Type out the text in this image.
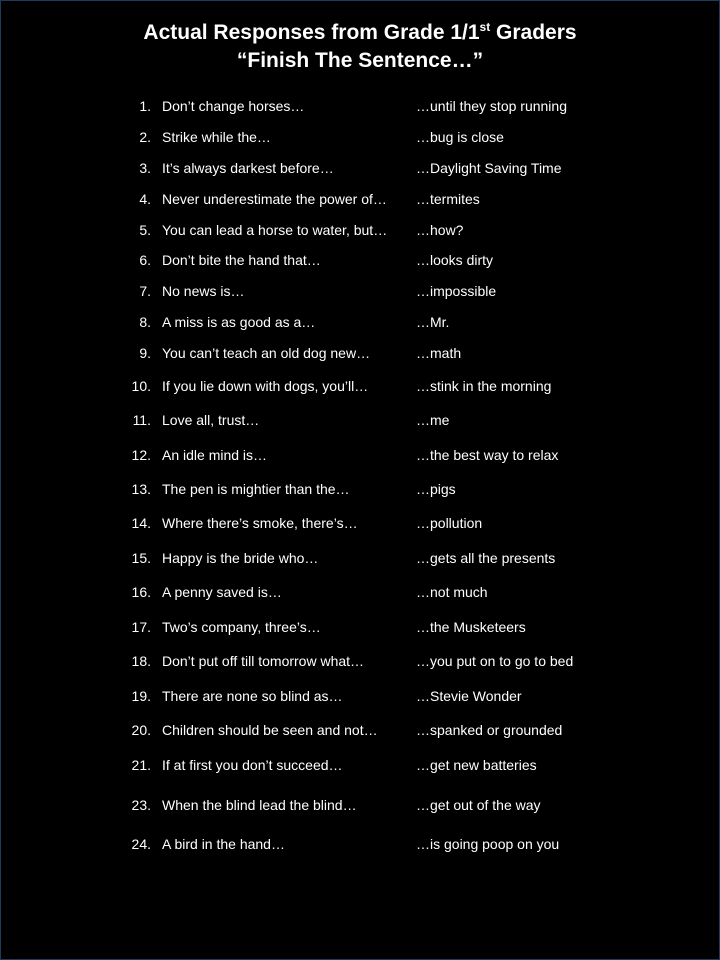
Actual Responses from Grade 1/1st Graders
“Finish The Sentence…”
1. Don’t change horses…	…until they stop running
2. Strike while the…	…bug is close
3. It’s always darkest before…	…Daylight Saving Time
4. Never underestimate the power of…	…termites
5. You can lead a horse to water, but…	…how?
6. Don’t bite the hand that…	…looks dirty
7. No news is…	…impossible
8. A miss is as good as a…	…Mr.
9. You can’t teach an old dog new…	…math
10. If you lie down with dogs, you’ll…	…stink in the morning
11. Love all, trust…	…me
12. An idle mind is…	…the best way to relax
13. The pen is mightier than the…	…pigs
14. Where there’s smoke, there’s…	…pollution
15. Happy is the bride who…	…gets all the presents
16. A penny saved is…	…not much
17. Two’s company, three’s…	…the Musketeers
18. Don’t put off till tomorrow what…	…you put on to go to bed
19. There are none so blind as…	…Stevie Wonder
20. Children should be seen and not…	…spanked or grounded
21. If at first you don’t succeed…	…get new batteries
23. When the blind lead the blind…	…get out of the way
24. A bird in the hand…	…is going poop on you
